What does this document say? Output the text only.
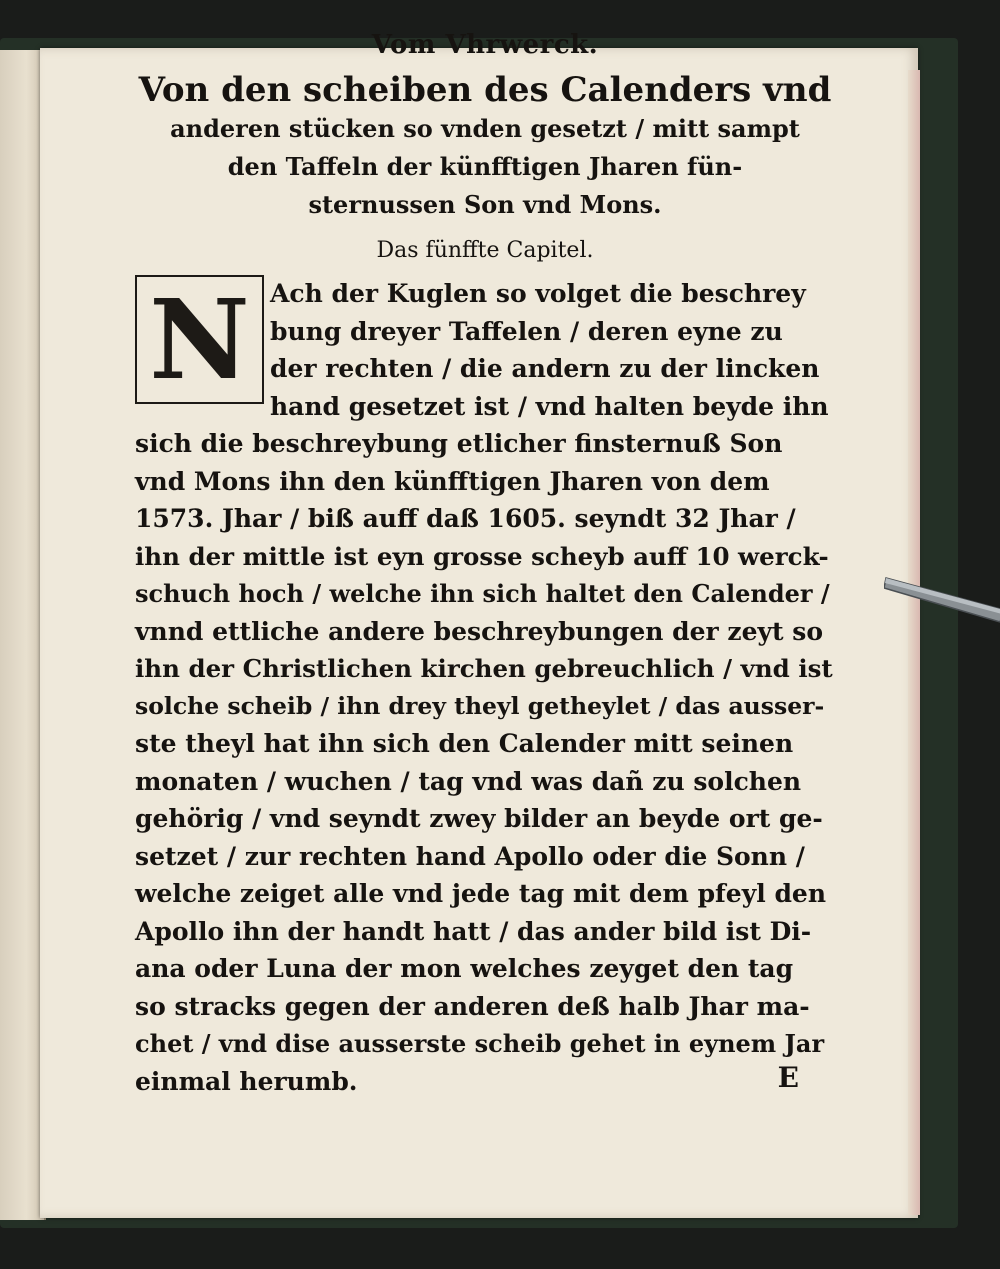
Vom Vhrwerck.
Von den scheiben des Calenders vnd
anderen stücken so vnden gesetzt / mitt sampt
den Taffeln der künfftigen Jharen fün-
sternussen Son vnd Mons.
Das fünffte Capitel.
N Ach der Kuglen so volget die beschrey
bung dreyer Taffelen / deren eyne zu
der rechten / die andern zu der lincken
hand gesetzet ist / vnd halten beyde ihn
sich die beschreybung etlicher finsternuß Son
vnd Mons ihn den künfftigen Jharen von dem
1573. Jhar / biß auff daß 1605. seyndt 32 Jhar /
ihn der mittle ist eyn grosse scheyb auff 10 werck-
schuch hoch / welche ihn sich haltet den Calender /
vnnd ettliche andere beschreybungen der zeyt so
ihn der Christlichen kirchen gebreuchlich / vnd ist
solche scheib / ihn drey theyl getheylet / das ausser-
ste theyl hat ihn sich den Calender mitt seinen
monaten / wuchen / tag vnd was dañ zu solchen
gehörig / vnd seyndt zwey bilder an beyde ort ge-
setzet / zur rechten hand Apollo oder die Sonn /
welche zeiget alle vnd jede tag mit dem pfeyl den
Apollo ihn der handt hatt / das ander bild ist Di-
ana oder Luna der mon welches zeyget den tag
so stracks gegen der anderen deß halb Jhar ma-
chet / vnd dise ausserste scheib gehet in eynem Jar
einmal herumb.	E
